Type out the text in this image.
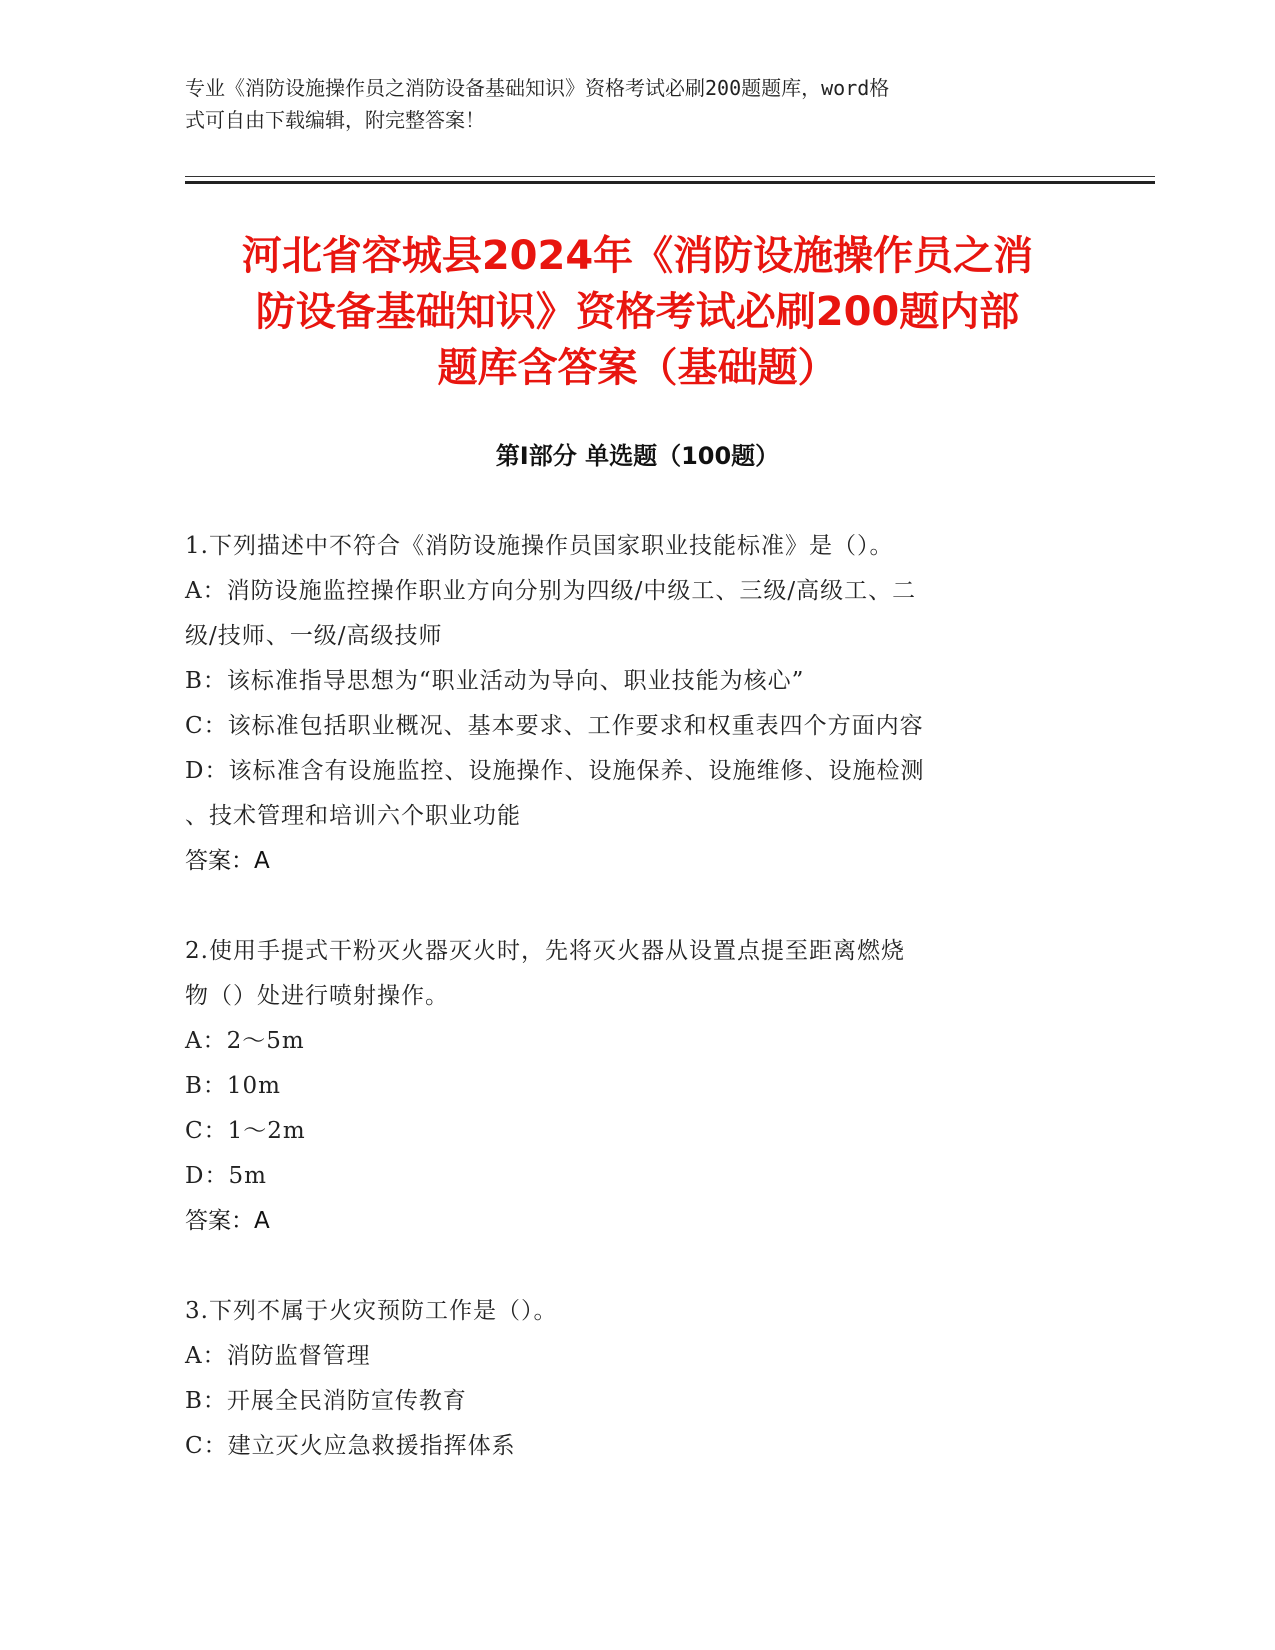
专业《消防设施操作员之消防设备基础知识》资格考试必刷200题题库，word格
式可自由下载编辑，附完整答案！
河北省容城县2024年《消防设施操作员之消
防设备基础知识》资格考试必刷200题内部
题库含答案（基础题）
第Ⅰ部分 单选题（100题）

1.下列描述中不符合《消防设施操作员国家职业技能标准》是（）。

A：消防设施监控操作职业方向分别为四级/中级工、三级/高级工、二

级/技师、一级/高级技师

B：该标准指导思想为“职业活动为导向、职业技能为核心”

C：该标准包括职业概况、基本要求、工作要求和权重表四个方面内容

D：该标准含有设施监控、设施操作、设施保养、设施维修、设施检测

、技术管理和培训六个职业功能

答案：A

2.使用手提式干粉灭火器灭火时，先将灭火器从设置点提至距离燃烧

物（）处进行喷射操作。

A：2～5m

B：10m

C：1～2m

D：5m

答案：A

3.下列不属于火灾预防工作是（）。

A：消防监督管理

B：开展全民消防宣传教育

C：建立灭火应急救援指挥体系
